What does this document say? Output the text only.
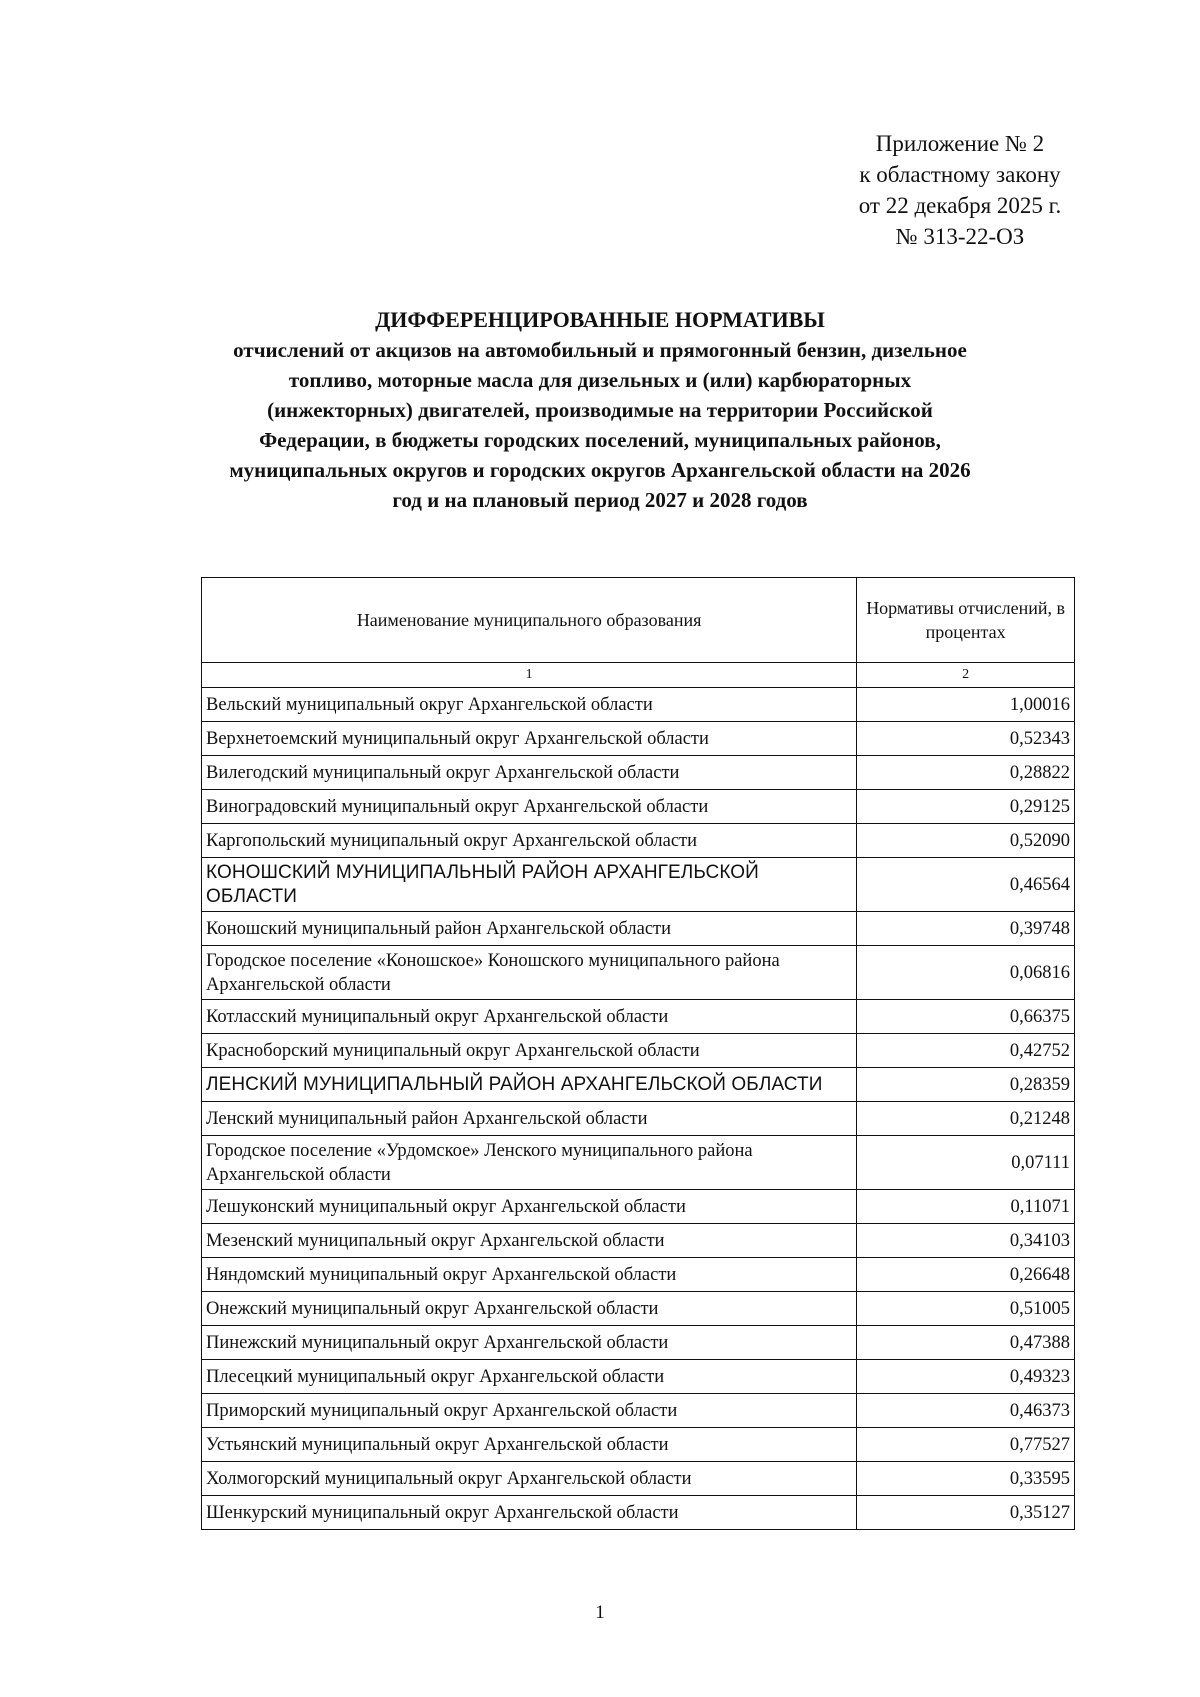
Приложение № 2
к областному закону
от 22 декабря 2025 г.
№ 313-22-ОЗ
ДИФФЕРЕНЦИРОВАННЫЕ НОРМАТИВЫ
отчислений от акцизов на автомобильный и прямогонный бензин, дизельное
топливо, моторные масла для дизельных и (или) карбюраторных
(инжекторных) двигателей, производимые на территории Российской
Федерации, в бюджеты городских поселений, муниципальных районов,
муниципальных округов и городских округов Архангельской области на 2026
год и на плановый период 2027 и 2028 годов
Наименование муниципального образования	Нормативы отчислений, в процентах
1	2
Вельский муниципальный округ Архангельской области	1,00016
Верхнетоемский муниципальный округ Архангельской области	0,52343
Вилегодский муниципальный округ Архангельской области	0,28822
Виноградовский муниципальный округ Архангельской области	0,29125
Каргопольский муниципальный округ Архангельской области	0,52090
КОНОШСКИЙ МУНИЦИПАЛЬНЫЙ РАЙОН АРХАНГЕЛЬСКОЙ ОБЛАСТИ	0,46564
Коношский муниципальный район Архангельской области	0,39748
Городское поселение «Коношское» Коношского муниципального района Архангельской области	0,06816
Котласский муниципальный округ Архангельской области	0,66375
Красноборский муниципальный округ Архангельской области	0,42752
ЛЕНСКИЙ МУНИЦИПАЛЬНЫЙ РАЙОН АРХАНГЕЛЬСКОЙ ОБЛАСТИ	0,28359
Ленский муниципальный район Архангельской области	0,21248
Городское поселение «Урдомское» Ленского муниципального района Архангельской области	0,07111
Лешуконский муниципальный округ Архангельской области	0,11071
Мезенский муниципальный округ Архангельской области	0,34103
Няндомский муниципальный округ Архангельской области	0,26648
Онежский муниципальный округ Архангельской области	0,51005
Пинежский муниципальный округ Архангельской области	0,47388
Плесецкий муниципальный округ Архангельской области	0,49323
Приморский муниципальный округ Архангельской области	0,46373
Устьянский муниципальный округ Архангельской области	0,77527
Холмогорский муниципальный округ Архангельской области	0,33595
Шенкурский муниципальный округ Архангельской области	0,35127
1
